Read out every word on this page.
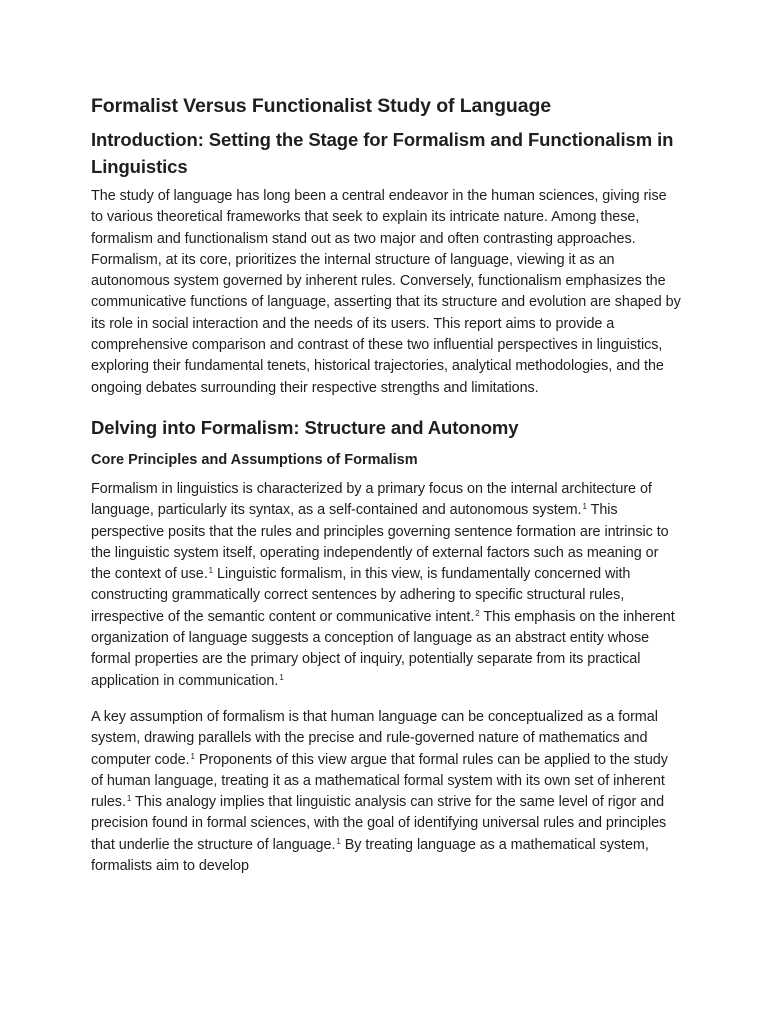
Formalist Versus Functionalist Study of Language
Introduction: Setting the Stage for Formalism and Functionalism in Linguistics

The study of language has long been a central endeavor in the human sciences, giving rise to various theoretical frameworks that seek to explain its intricate nature. Among these, formalism and functionalism stand out as two major and often contrasting approaches. Formalism, at its core, prioritizes the internal structure of language, viewing it as an autonomous system governed by inherent rules. Conversely, functionalism emphasizes the communicative functions of language, asserting that its structure and evolution are shaped by its role in social interaction and the needs of its users. This report aims to provide a comprehensive comparison and contrast of these two influential perspectives in linguistics, exploring their fundamental tenets, historical trajectories, analytical methodologies, and the ongoing debates surrounding their respective strengths and limitations.

Delving into Formalism: Structure and Autonomy
Core Principles and Assumptions of Formalism

Formalism in linguistics is characterized by a primary focus on the internal architecture of language, particularly its syntax, as a self-contained and autonomous system.$^1$ This perspective posits that the rules and principles governing sentence formation are intrinsic to the linguistic system itself, operating independently of external factors such as meaning or the context of use.$^1$ Linguistic formalism, in this view, is fundamentally concerned with constructing grammatically correct sentences by adhering to specific structural rules, irrespective of the semantic content or communicative intent.$^2$ This emphasis on the inherent organization of language suggests a conception of language as an abstract entity whose formal properties are the primary object of inquiry, potentially separate from its practical application in communication.$^1$

A key assumption of formalism is that human language can be conceptualized as a formal system, drawing parallels with the precise and rule-governed nature of mathematics and computer code.$^1$ Proponents of this view argue that formal rules can be applied to the study of human language, treating it as a mathematical formal system with its own set of inherent rules.$^1$ This analogy implies that linguistic analysis can strive for the same level of rigor and precision found in formal sciences, with the goal of identifying universal rules and principles that underlie the structure of language.$^1$ By treating language as a mathematical system, formalists aim to develop
